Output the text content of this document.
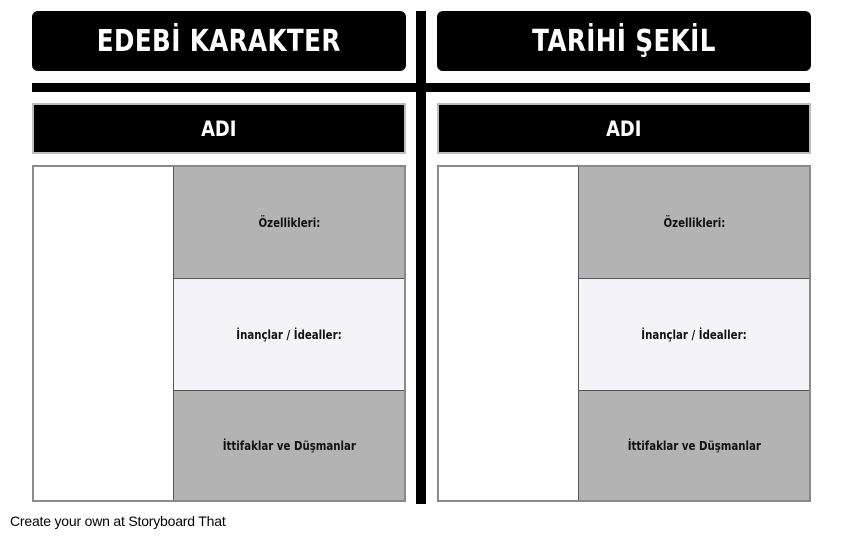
EDEBİ KARAKTER
ADI
Özellikleri:
İnançlar / İdealler:
İttifaklar ve Düşmanlar
TARİHİ ŞEKİL
ADI
Özellikleri:
İnançlar / İdealler:
İttifaklar ve Düşmanlar
Create your own at Storyboard That
